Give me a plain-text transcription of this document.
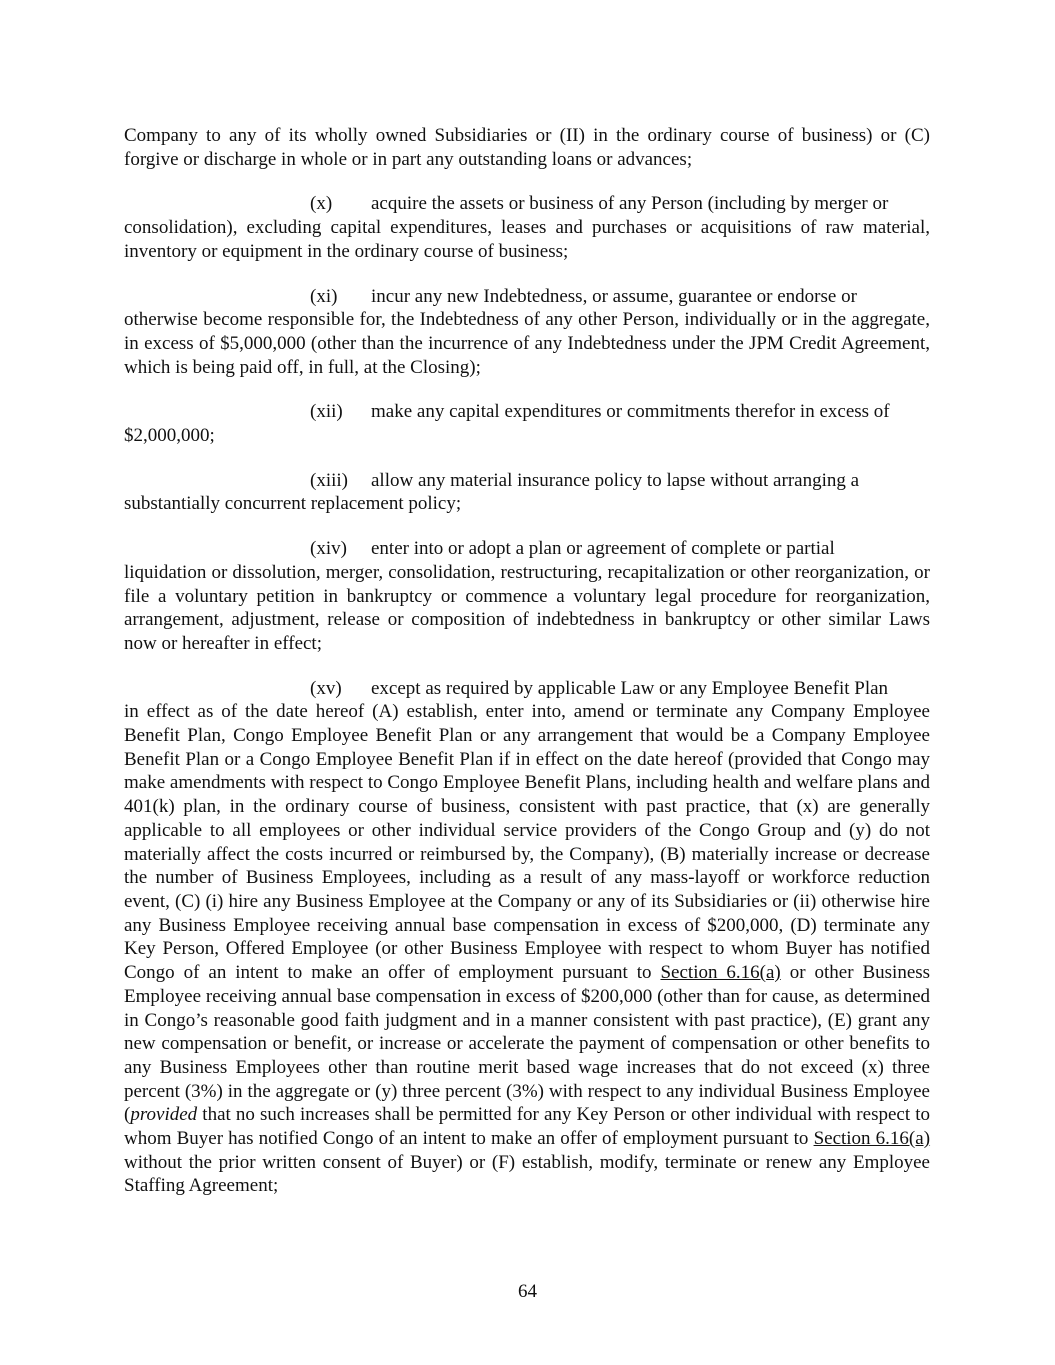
Company to any of its wholly owned Subsidiaries or (II) in the ordinary course of business) or (C) forgive or discharge in whole or in part any outstanding loans or advances;

(x) acquire the assets or business of any Person (including by merger or
consolidation), excluding capital expenditures, leases and purchases or acquisitions of raw material, inventory or equipment in the ordinary course of business;
(xi) incur any new Indebtedness, or assume, guarantee or endorse or
otherwise become responsible for, the Indebtedness of any other Person, individually or in the aggregate, in excess of $5,000,000 (other than the incurrence of any Indebtedness under the JPM Credit Agreement, which is being paid off, in full, at the Closing);
(xii) make any capital expenditures or commitments therefor in excess of
$2,000,000;
(xiii) allow any material insurance policy to lapse without arranging a
substantially concurrent replacement policy;
(xiv) enter into or adopt a plan or agreement of complete or partial
liquidation or dissolution, merger, consolidation, restructuring, recapitalization or other reorganization, or file a voluntary petition in bankruptcy or commence a voluntary legal procedure for reorganization, arrangement, adjustment, release or composition of indebtedness in bankruptcy or other similar Laws now or hereafter in effect;
(xv) except as required by applicable Law or any Employee Benefit Plan
in effect as of the date hereof (A) establish, enter into, amend or terminate any Company Employee Benefit Plan, Congo Employee Benefit Plan or any arrangement that would be a Company Employee Benefit Plan or a Congo Employee Benefit Plan if in effect on the date hereof (provided that Congo may make amendments with respect to Congo Employee Benefit Plans, including health and welfare plans and 401(k) plan, in the ordinary course of business, consistent with past practice, that (x) are generally applicable to all employees or other individual service providers of the Congo Group and (y) do not materially affect the costs incurred or reimbursed by, the Company), (B) materially increase or decrease the number of Business Employees, including as a result of any mass-layoff or workforce reduction event, (C) (i) hire any Business Employee at the Company or any of its Subsidiaries or (ii) otherwise hire any Business Employee receiving annual base compensation in excess of $200,000, (D) terminate any Key Person, Offered Employee (or other Business Employee with respect to whom Buyer has notified Congo of an intent to make an offer of employment pursuant to Section 6.16(a) or other Business Employee receiving annual base compensation in excess of $200,000 (other than for cause, as determined in Congo’s reasonable good faith judgment and in a manner consistent with past practice), (E) grant any new compensation or benefit, or increase or accelerate the payment of compensation or other benefits to any Business Employees other than routine merit based wage increases that do not exceed (x) three percent (3%) in the aggregate or (y) three percent (3%) with respect to any individual Business Employee (provided that no such increases shall be permitted for any Key Person or other individual with respect to whom Buyer has notified Congo of an intent to make an offer of employment pursuant to Section 6.16(a) without the prior written consent of Buyer) or (F) establish, modify, terminate or renew any Employee Staffing Agreement;
64
